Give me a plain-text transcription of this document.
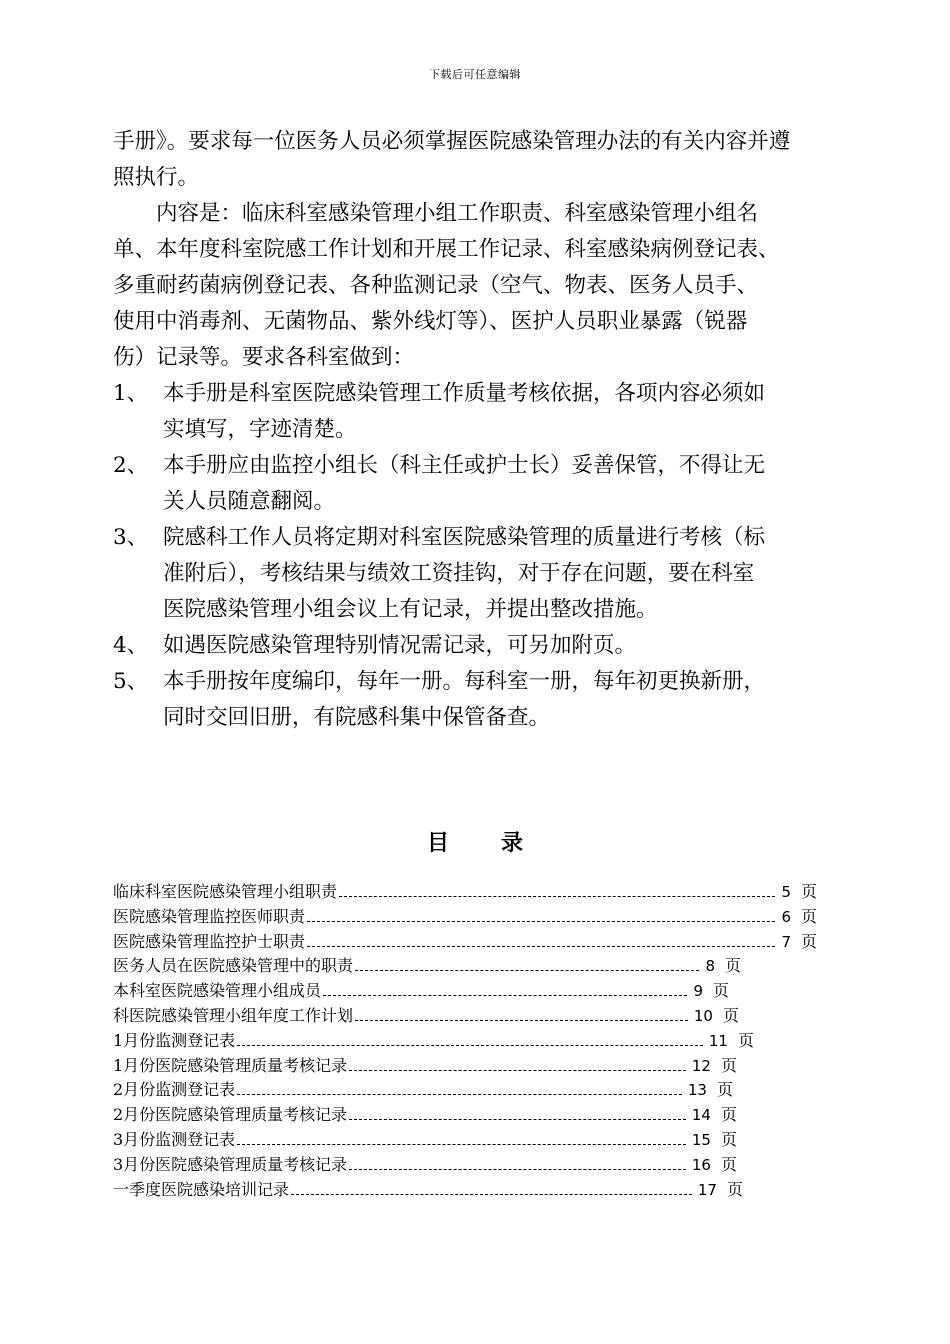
下载后可任意编辑
手册》。要求每一位医务人员必须掌握医院感染管理办法的有关内容并遵
照执行。
内容是：临床科室感染管理小组工作职责、科室感染管理小组名
单、本年度科室院感工作计划和开展工作记录、科室感染病例登记表、
多重耐药菌病例登记表、各种监测记录（空气、物表、医务人员手、
使用中消毒剂、无菌物品、紫外线灯等）、医护人员职业暴露（锐器
伤）记录等。要求各科室做到：
1、 本手册是科室医院感染管理工作质量考核依据，各项内容必须如
实填写，字迹清楚。
2、 本手册应由监控小组长（科主任或护士长）妥善保管，不得让无
关人员随意翻阅。
3、 院感科工作人员将定期对科室医院感染管理的质量进行考核（标
准附后），考核结果与绩效工资挂钩，对于存在问题，要在科室
医院感染管理小组会议上有记录，并提出整改措施。
4、 如遇医院感染管理特别情况需记录，可另加附页。
5、 本手册按年度编印，每年一册。每科室一册，每年初更换新册，
同时交回旧册，有院感科集中保管备查。
目 录
临床科室医院感染管理小组职责	5 页
医院感染管理监控医师职责	6 页
医院感染管理监控护士职责	7 页
医务人员在医院感染管理中的职责	8 页
本科室医院感染管理小组成员	9 页
科医院感染管理小组年度工作计划	10 页
1月份监测登记表	11 页
1月份医院感染管理质量考核记录	12 页
2月份监测登记表	13 页
2月份医院感染管理质量考核记录	14 页
3月份监测登记表	15 页
3月份医院感染管理质量考核记录	16 页
一季度医院感染培训记录	17 页
